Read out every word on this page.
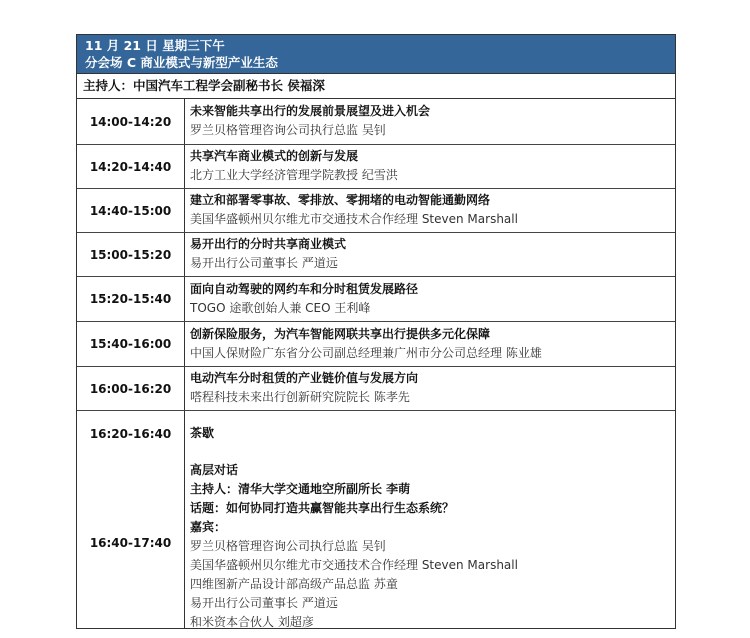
11 月 21 日 星期三下午
分会场 C 商业模式与新型产业生态
主持人：中国汽车工程学会副秘书长 侯福深
14:00-14:20
未来智能共享出行的发展前景展望及进入机会
罗兰贝格管理咨询公司执行总监 吴钊
14:20-14:40
共享汽车商业模式的创新与发展
北方工业大学经济管理学院教授 纪雪洪
14:40-15:00
建立和部署零事故、零排放、零拥堵的电动智能通勤网络
美国华盛顿州贝尔维尤市交通技术合作经理 Steven Marshall
15:00-15:20
易开出行的分时共享商业模式
易开出行公司董事长 严道远
15:20-15:40
面向自动驾驶的网约车和分时租赁发展路径
TOGO 途歌创始人兼 CEO 王利峰
15:40-16:00
创新保险服务，为汽车智能网联共享出行提供多元化保障
中国人保财险广东省分公司副总经理兼广州市分公司总经理 陈业雄
16:00-16:20
电动汽车分时租赁的产业链价值与发展方向
嗒程科技未来出行创新研究院院长 陈孝先
16:20-16:40	茶歇
16:40-17:40
高层对话
主持人：清华大学交通地空所副所长 李萌
话题：如何协同打造共赢智能共享出行生态系统？
嘉宾：
罗兰贝格管理咨询公司执行总监 吴钊
美国华盛顿州贝尔维尤市交通技术合作经理 Steven Marshall
四维图新产品设计部高级产品总监 苏童
易开出行公司董事长 严道远
和米资本合伙人 刘超彦
